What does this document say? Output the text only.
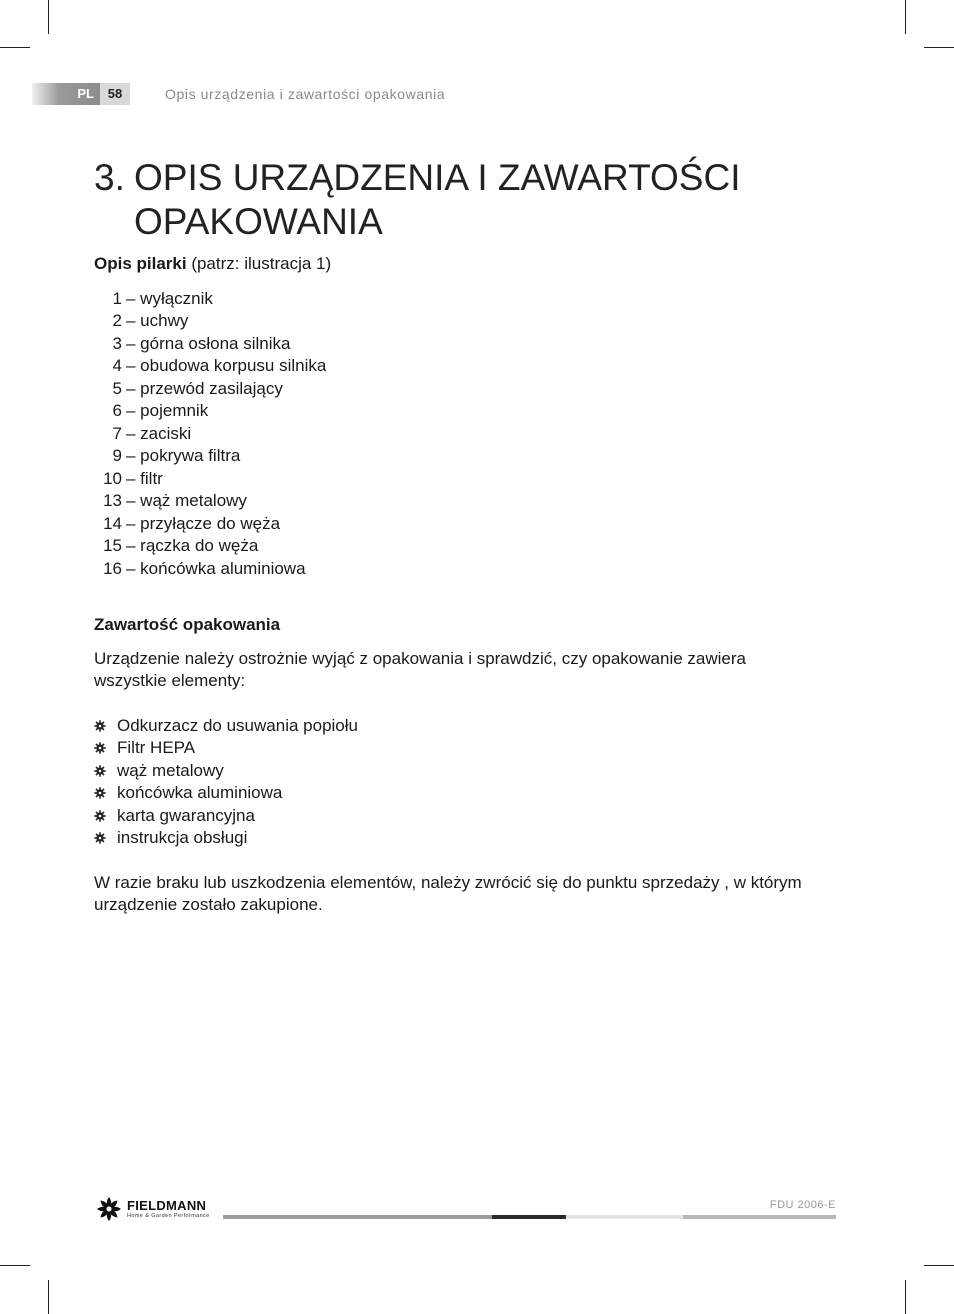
PL	58	Opis urządzenia i zawartości opakowania
3. OPIS URZĄDZENIA I ZAWARTOŚCI
OPAKOWANIA

Opis pilarki (patrz: ilustracja 1)

1 – wyłącznik
2 – uchwy
3 – górna osłona silnika
4 – obudowa korpusu silnika
5 – przewód zasilający
6 – pojemnik
7 – zaciski
9 – pokrywa filtra
10 – filtr
13 – wąż metalowy
14 – przyłącze do węża
15 – rączka do węża
16 – końcówka aluminiowa

Zawartość opakowania

Urządzenie należy ostrożnie wyjąć z opakowania i sprawdzić, czy opakowanie zawiera wszystkie elementy:

Odkurzacz do usuwania popiołu
Filtr HEPA
wąż metalowy
końcówka aluminiowa
karta gwarancyjna
instrukcja obsługi

W razie braku lub uszkodzenia elementów, należy zwrócić się do punktu sprzedaży , w którym urządzenie zostało zakupione.

FIELDMANN
Home & Garden Performance
FDU 2006-E
